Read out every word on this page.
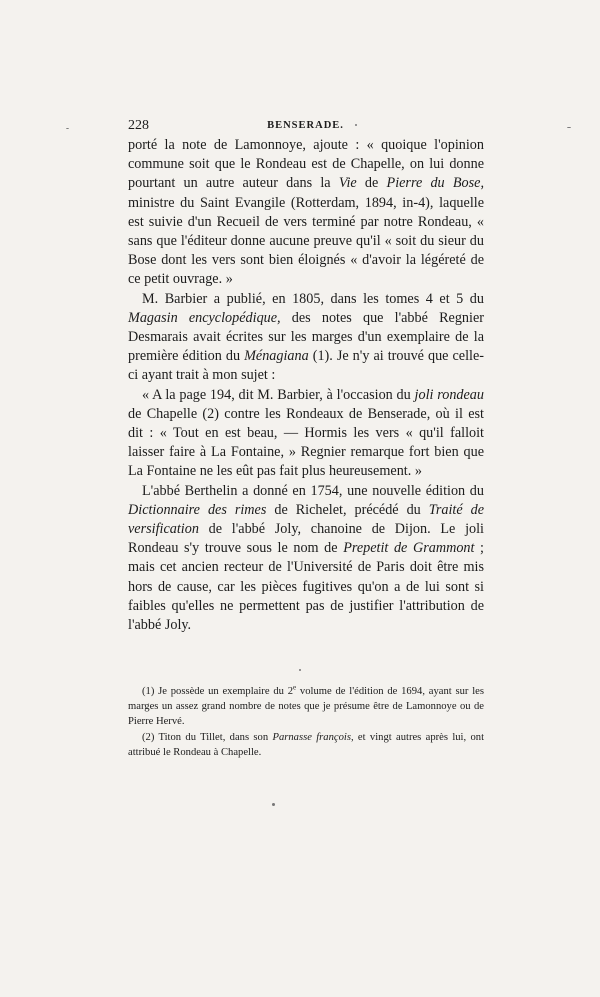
228	BENSERADE.

porté la note de Lamonnoye, ajoute : « quoique l'opinion commune soit que le Rondeau est de Chapelle, on lui donne pourtant un autre auteur dans la Vie de Pierre du Bose, ministre du Saint Evangile (Rotterdam, 1894, in-4), laquelle est suivie d'un Recueil de vers terminé par notre Rondeau, « sans que l'éditeur donne aucune preuve qu'il « soit du sieur du Bose dont les vers sont bien éloignés « d'avoir la légéreté de ce petit ouvrage. »

M. Barbier a publié, en 1805, dans les tomes 4 et 5 du Magasin encyclopédique, des notes que l'abbé Regnier Desmarais avait écrites sur les marges d'un exemplaire de la première édition du Ménagiana (1). Je n'y ai trouvé que celle-ci ayant trait à mon sujet :

« A la page 194, dit M. Barbier, à l'occasion du joli rondeau de Chapelle (2) contre les Rondeaux de Benserade, où il est dit : « Tout en est beau, — Hormis les vers « qu'il falloit laisser faire à La Fontaine, » Regnier remarque fort bien que La Fontaine ne les eût pas fait plus heureusement. »

L'abbé Berthelin a donné en 1754, une nouvelle édition du Dictionnaire des rimes de Richelet, précédé du Traité de versification de l'abbé Joly, chanoine de Dijon. Le joli Rondeau s'y trouve sous le nom de Prepetit de Grammont ; mais cet ancien recteur de l'Université de Paris doit être mis hors de cause, car les pièces fugitives qu'on a de lui sont si faibles qu'elles ne permettent pas de justifier l'attribution de l'abbé Joly.

(1) Je possède un exemplaire du 2e volume de l'édition de 1694, ayant sur les marges un assez grand nombre de notes que je présume être de Lamonnoye ou de Pierre Hervé.

(2) Titon du Tillet, dans son Parnasse françois, et vingt autres après lui, ont attribué le Rondeau à Chapelle.
